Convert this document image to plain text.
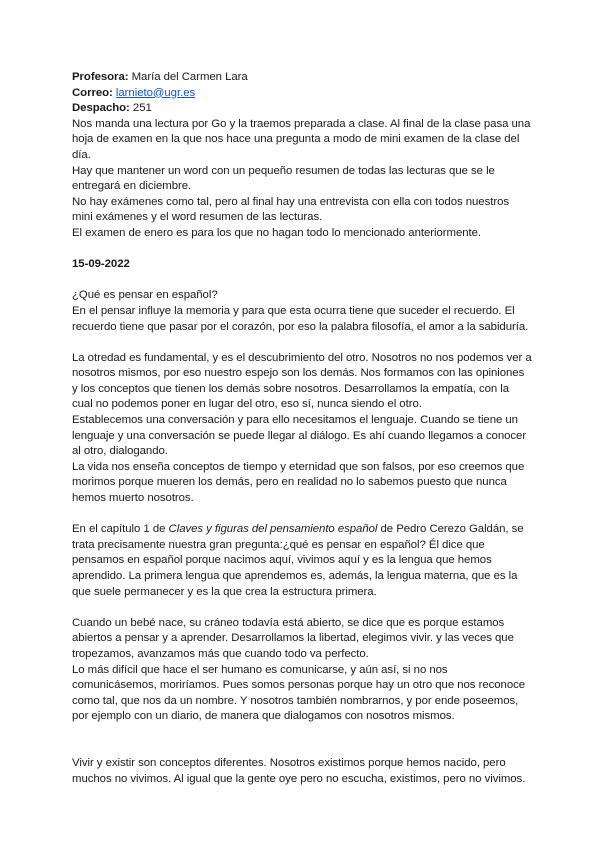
Profesora: María del Carmen Lara

Correo: larnieto@ugr.es

Despacho: 251

Nos manda una lectura por Go y la traemos preparada a clase. Al final de la clase pasa una hoja de examen en la que nos hace una pregunta a modo de mini examen de la clase del día.

Hay que mantener un word con un pequeño resumen de todas las lecturas que se le entregará en diciembre.

No hay exámenes como tal, pero al final hay una entrevista con ella con todos nuestros mini exámenes y el word resumen de las lecturas.

El examen de enero es para los que no hagan todo lo mencionado anteriormente.

15-09-2022

¿Qué es pensar en español?

En el pensar influye la memoria y para que esta ocurra tiene que suceder el recuerdo. El recuerdo tiene que pasar por el corazón, por eso la palabra filosofía, el amor a la sabiduría.

La otredad es fundamental, y es el descubrimiento del otro. Nosotros no nos podemos ver a nosotros mismos, por eso nuestro espejo son los demás. Nos formamos con las opiniones y los conceptos que tienen los demás sobre nosotros. Desarrollamos la empatía, con la cual no podemos poner en lugar del otro, eso sí, nunca siendo el otro.

Establecemos una conversación y para ello necesitamos el lenguaje. Cuando se tiene un lenguaje y una conversación se puede llegar al diálogo. Es ahí cuando llegamos a conocer al otro, dialogando.

La vida nos enseña conceptos de tiempo y eternidad que son falsos, por eso creemos que morimos porque mueren los demás, pero en realidad no lo sabemos puesto que nunca hemos muerto nosotros.

En el capítulo 1 de Claves y figuras del pensamiento español de Pedro Cerezo Galdán, se trata precisamente nuestra gran pregunta:¿qué es pensar en español? Él dice que pensamos en español porque nacimos aquí, vivimos aquí y es la lengua que hemos aprendido. La primera lengua que aprendemos es, además, la lengua materna, que es la que suele permanecer y es la que crea la estructura primera.

Cuando un bebé nace, su cráneo todavía está abierto, se dice que es porque estamos abiertos a pensar y a aprender. Desarrollamos la libertad, elegimos vivir. y las veces que tropezamos, avanzamos más que cuando todo va perfecto.

Lo más difícil que hace el ser humano es comunicarse, y aún así, si no nos comunicásemos, moriríamos. Pues somos personas porque hay un otro que nos reconoce como tal, que nos da un nombre. Y nosotros también nombrarnos, y por ende poseemos, por ejemplo con un diario, de manera que dialogamos con nosotros mismos.

Vivir y existir son conceptos diferentes. Nosotros existimos porque hemos nacido, pero muchos no vivimos. Al igual que la gente oye pero no escucha, existimos, pero no vivimos.
